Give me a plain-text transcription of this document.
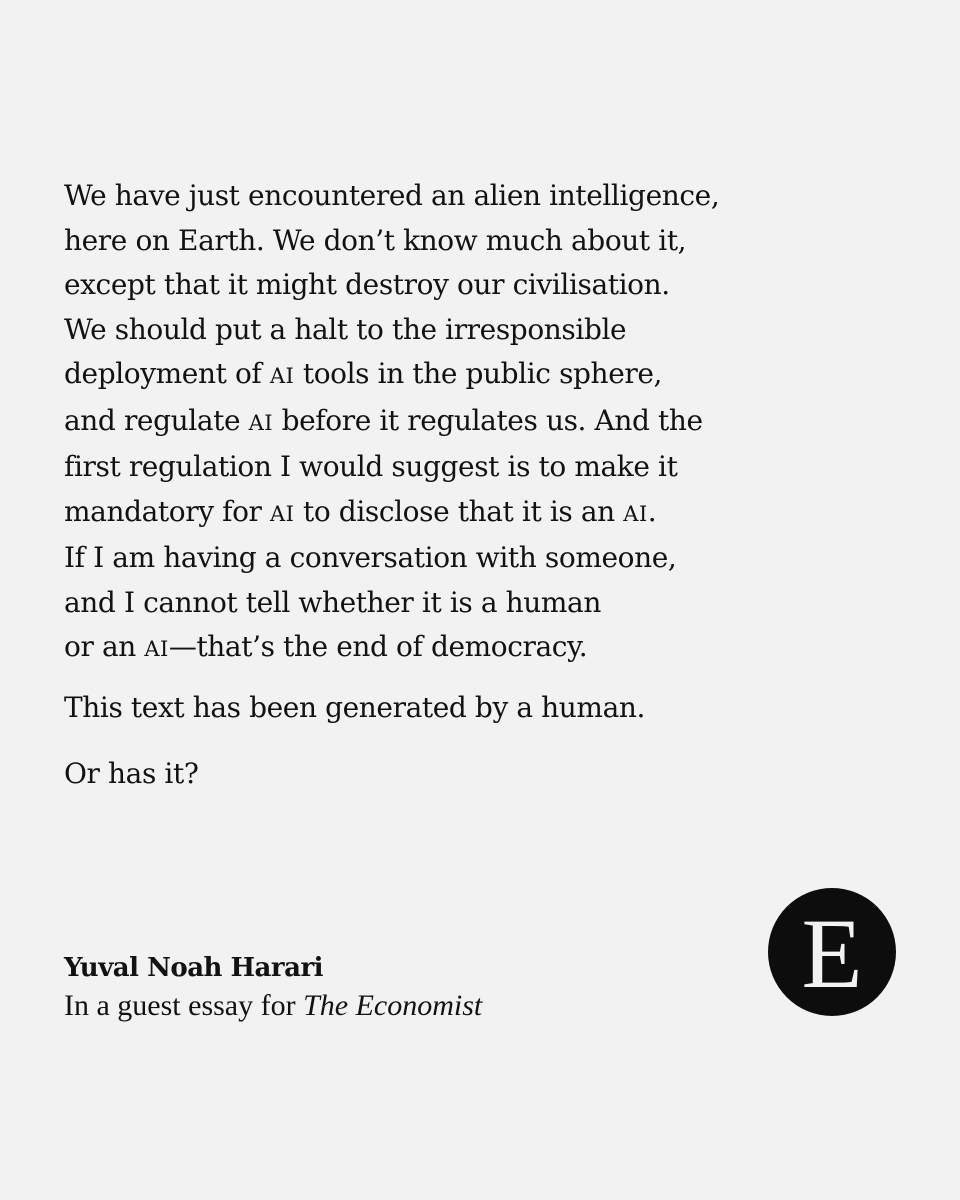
We have just encountered an alien intelligence,
here on Earth. We don’t know much about it,
except that it might destroy our civilisation.
We should put a halt to the irresponsible
deployment of AI tools in the public sphere,
and regulate AI before it regulates us. And the
first regulation I would suggest is to make it
mandatory for AI to disclose that it is an AI.
If I am having a conversation with someone,
and I cannot tell whether it is a human
or an AI—that’s the end of democracy.
This text has been generated by a human.
Or has it?
Yuval Noah Harari
In a guest essay for The Economist	E
